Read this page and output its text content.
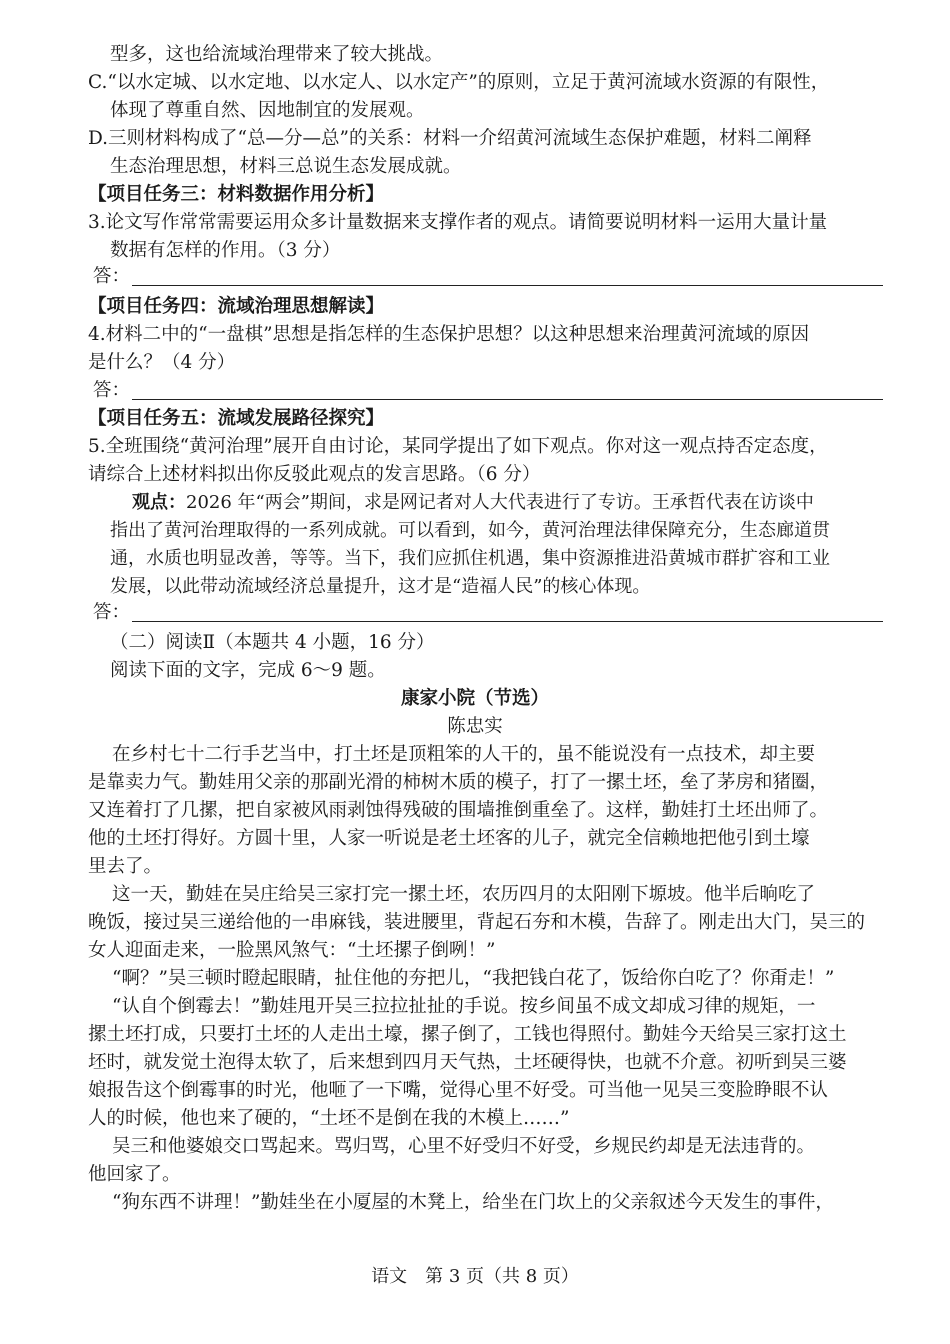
型多，这也给流域治理带来了较大挑战。
C.“以水定城、以水定地、以水定人、以水定产”的原则，立足于黄河流域水资源的有限性，
体现了尊重自然、因地制宜的发展观。
D.三则材料构成了“总—分—总”的关系：材料一介绍黄河流域生态保护难题，材料二阐释
生态治理思想，材料三总说生态发展成就。
【项目任务三：材料数据作用分析】
3.论文写作常常需要运用众多计量数据来支撑作者的观点。请简要说明材料一运用大量计量
数据有怎样的作用。（3 分）
答：
【项目任务四：流域治理思想解读】
4.材料二中的“一盘棋”思想是指怎样的生态保护思想？以这种思想来治理黄河流域的原因
是什么？（4 分）
答：
【项目任务五：流域发展路径探究】
5.全班围绕“黄河治理”展开自由讨论，某同学提出了如下观点。你对这一观点持否定态度，
请综合上述材料拟出你反驳此观点的发言思路。（6 分）
观点：2026 年“两会”期间，求是网记者对人大代表进行了专访。王承哲代表在访谈中
指出了黄河治理取得的一系列成就。可以看到，如今，黄河治理法律保障充分，生态廊道贯
通，水质也明显改善，等等。当下，我们应抓住机遇，集中资源推进沿黄城市群扩容和工业
发展，以此带动流域经济总量提升，这才是“造福人民”的核心体现。
答：
（二）阅读Ⅱ（本题共 4 小题，16 分）
阅读下面的文字，完成 6～9 题。
康家小院（节选）
陈忠实
在乡村七十二行手艺当中，打土坯是顶粗笨的人干的，虽不能说没有一点技术，却主要
是靠卖力气。勤娃用父亲的那副光滑的柿树木质的模子，打了一摞土坯，垒了茅房和猪圈，
又连着打了几摞，把自家被风雨剥蚀得残破的围墙推倒重垒了。这样，勤娃打土坯出师了。
他的土坯打得好。方圆十里，人家一听说是老土坯客的儿子，就完全信赖地把他引到土壕
里去了。
这一天，勤娃在吴庄给吴三家打完一摞土坯，农历四月的太阳刚下塬坡。他半后晌吃了
晚饭，接过吴三递给他的一串麻钱，装进腰里，背起石夯和木模，告辞了。刚走出大门，吴三的
女人迎面走来，一脸黑风煞气：“土坯摞子倒咧！”
“啊？”吴三顿时瞪起眼睛，扯住他的夯把儿，“我把钱白花了，饭给你白吃了？你甭走！”
“认自个倒霉去！”勤娃甩开吴三拉拉扯扯的手说。按乡间虽不成文却成习律的规矩，一
摞土坯打成，只要打土坯的人走出土壕，摞子倒了，工钱也得照付。勤娃今天给吴三家打这土
坯时，就发觉土泡得太软了，后来想到四月天气热，土坯硬得快，也就不介意。初听到吴三婆
娘报告这个倒霉事的时光，他咂了一下嘴，觉得心里不好受。可当他一见吴三变脸睁眼不认
人的时候，他也来了硬的，“土坯不是倒在我的木模上……”
吴三和他婆娘交口骂起来。骂归骂，心里不好受归不好受，乡规民约却是无法违背的。
他回家了。
“狗东西不讲理！”勤娃坐在小厦屋的木凳上，给坐在门坎上的父亲叙述今天发生的事件，
语文　第 3 页（共 8 页）
